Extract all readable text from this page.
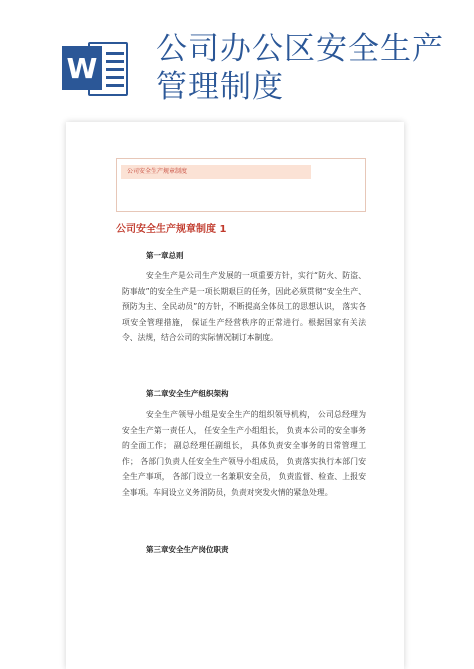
W
公司办公区安全生产管理制度
公司安全生产规章制度
公司安全生产规章制度 1
第一章总则
安全生产是公司生产发展的一项重要方针，实行“防火、防盗、防事故”的安全生产是一项长期艰巨的任务，因此必须贯彻“安全生产、预防为主、全民动员”的方针，不断提高全体员工的思想认识， 落实各项安全管理措施， 保证生产经营秩序的正常进行。根据国家有关法令、法规，结合公司的实际情况制订本制度。
第二章安全生产组织架构
安全生产领导小组是安全生产的组织领导机构， 公司总经理为安全生产第一责任人， 任安全生产小组组长， 负责本公司的安全事务的全面工作； 副总经理任副组长， 具体负责安全事务的日常管理工作； 各部门负责人任安全生产领导小组成员， 负责落实执行本部门安全生产事项， 各部门设立一名兼职安全员， 负责监督、检查、上报安全事项。车间设立义务消防员，负责对突发火情的紧急处理。
第三章安全生产岗位职责
